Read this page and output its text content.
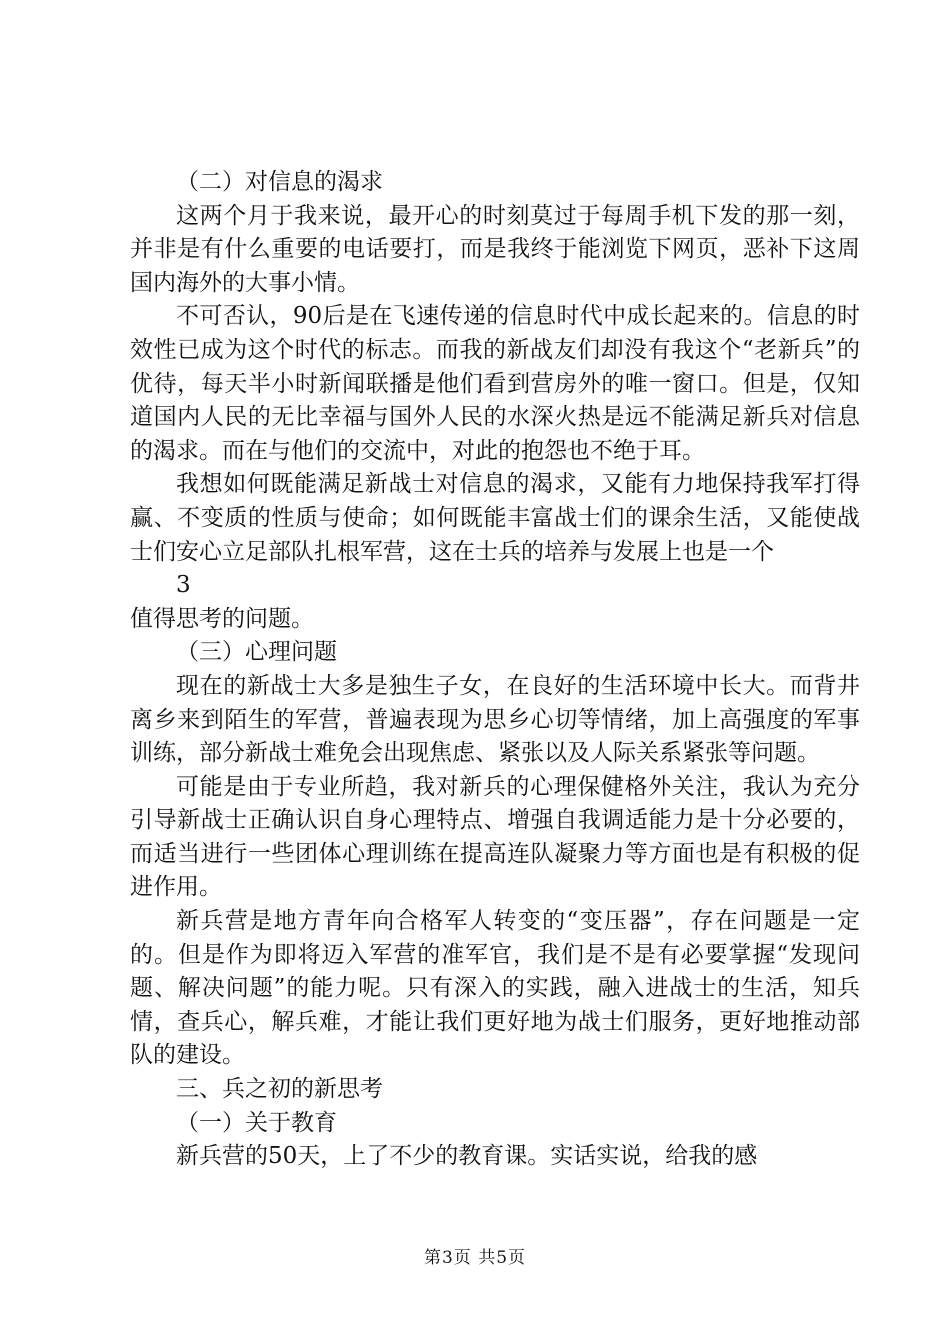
（二）对信息的渴求
这两个月于我来说，最开心的时刻莫过于每周手机下发的那一刻，并非是有什么重要的电话要打，而是我终于能浏览下网页，恶补下这周国内海外的大事小情。
不可否认，90后是在飞速传递的信息时代中成长起来的。信息的时效性已成为这个时代的标志。而我的新战友们却没有我这个“老新兵”的优待，每天半小时新闻联播是他们看到营房外的唯一窗口。但是，仅知道国内人民的无比幸福与国外人民的水深火热是远不能满足新兵对信息的渴求。而在与他们的交流中，对此的抱怨也不绝于耳。
我想如何既能满足新战士对信息的渴求，又能有力地保持我军打得赢、不变质的性质与使命；如何既能丰富战士们的课余生活，又能使战士们安心立足部队扎根军营，这在士兵的培养与发展上也是一个
3
值得思考的问题。
（三）心理问题
现在的新战士大多是独生子女，在良好的生活环境中长大。而背井离乡来到陌生的军营，普遍表现为思乡心切等情绪，加上高强度的军事训练，部分新战士难免会出现焦虑、紧张以及人际关系紧张等问题。
可能是由于专业所趋，我对新兵的心理保健格外关注，我认为充分引导新战士正确认识自身心理特点、增强自我调适能力是十分必要的，而适当进行一些团体心理训练在提高连队凝聚力等方面也是有积极的促进作用。
新兵营是地方青年向合格军人转变的“变压器”，存在问题是一定的。但是作为即将迈入军营的准军官，我们是不是有必要掌握“发现问题、解决问题”的能力呢。只有深入的实践，融入进战士的生活，知兵情，查兵心，解兵难，才能让我们更好地为战士们服务，更好地推动部队的建设。
三、兵之初的新思考
（一）关于教育
新兵营的50天，上了不少的教育课。实话实说，给我的感
第3页 共5页
